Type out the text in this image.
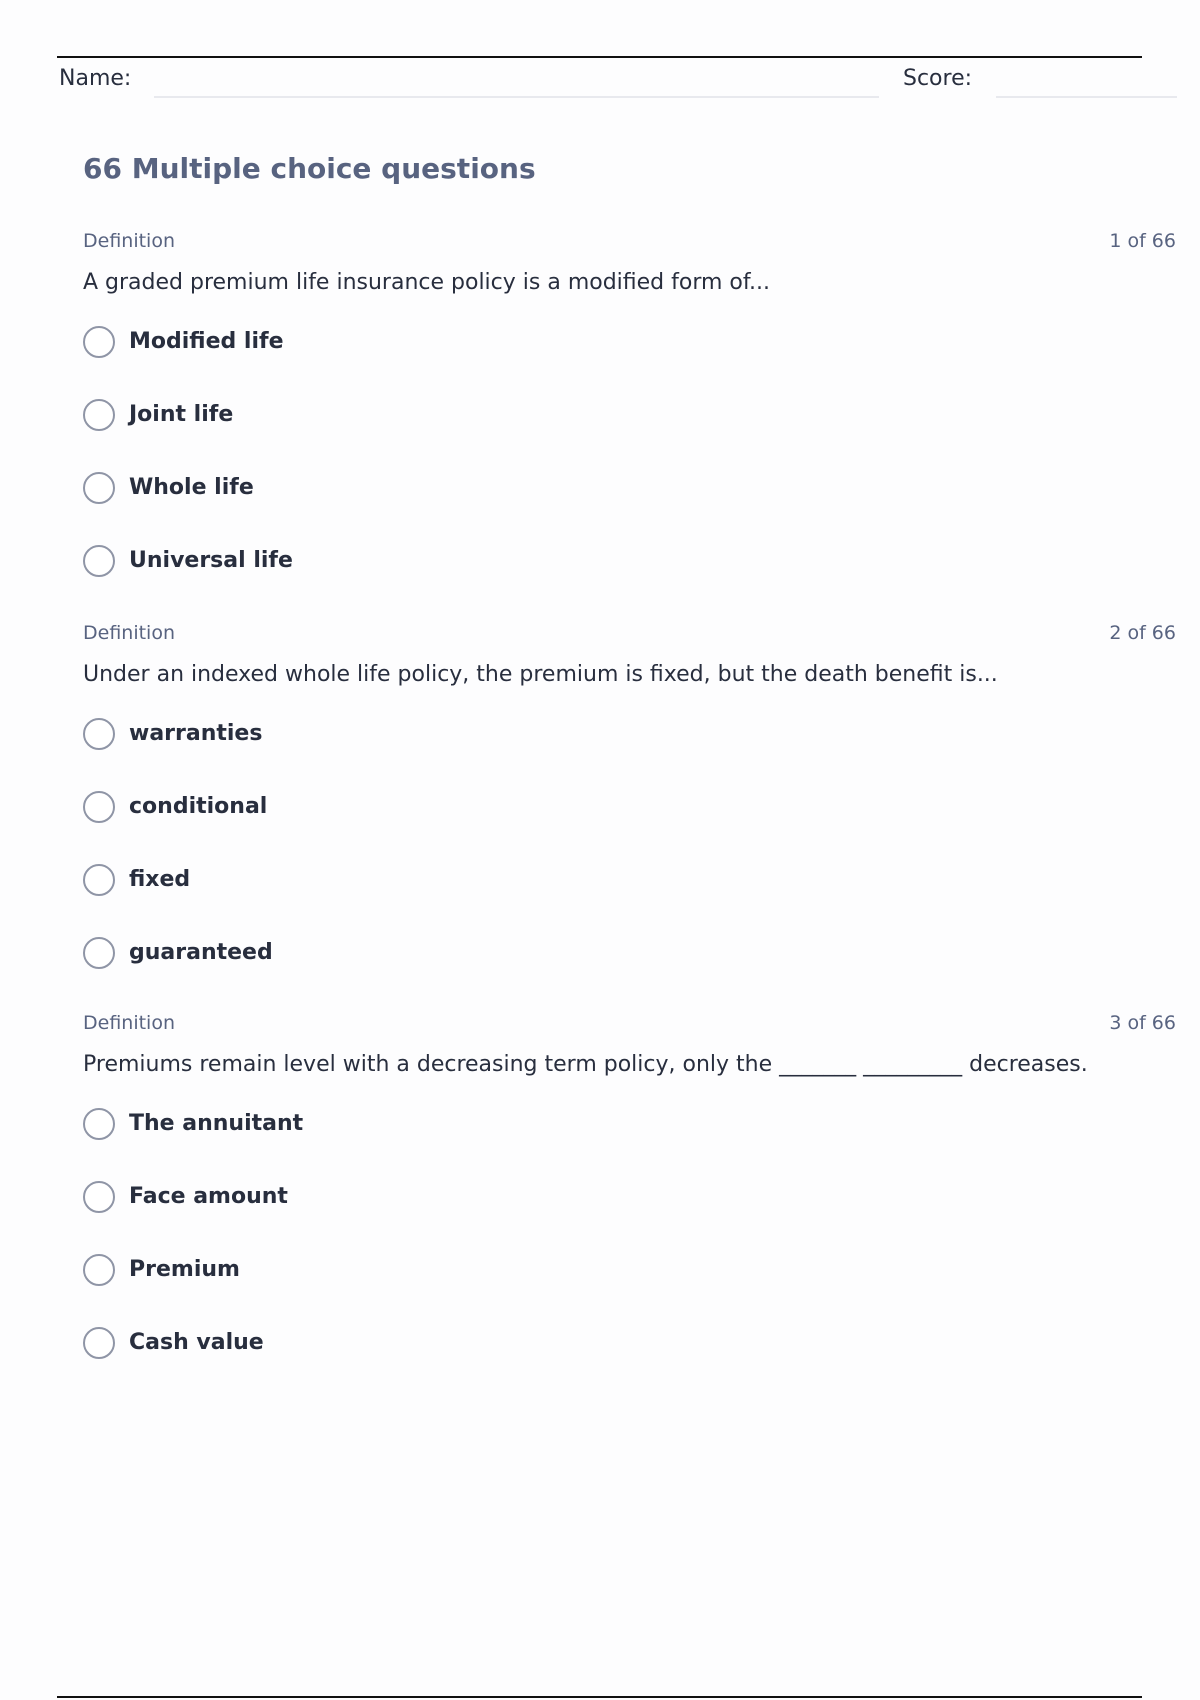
Name:	Score:
66 Multiple choice questions
Definition	1 of 66
A graded premium life insurance policy is a modified form of...
Modified life
Joint life
Whole life
Universal life
Definition	2 of 66
Under an indexed whole life policy, the premium is fixed, but the death benefit is...
warranties
conditional
fixed
guaranteed
Definition	3 of 66
Premiums remain level with a decreasing term policy, only the _______ _________ decreases.
The annuitant
Face amount
Premium
Cash value
